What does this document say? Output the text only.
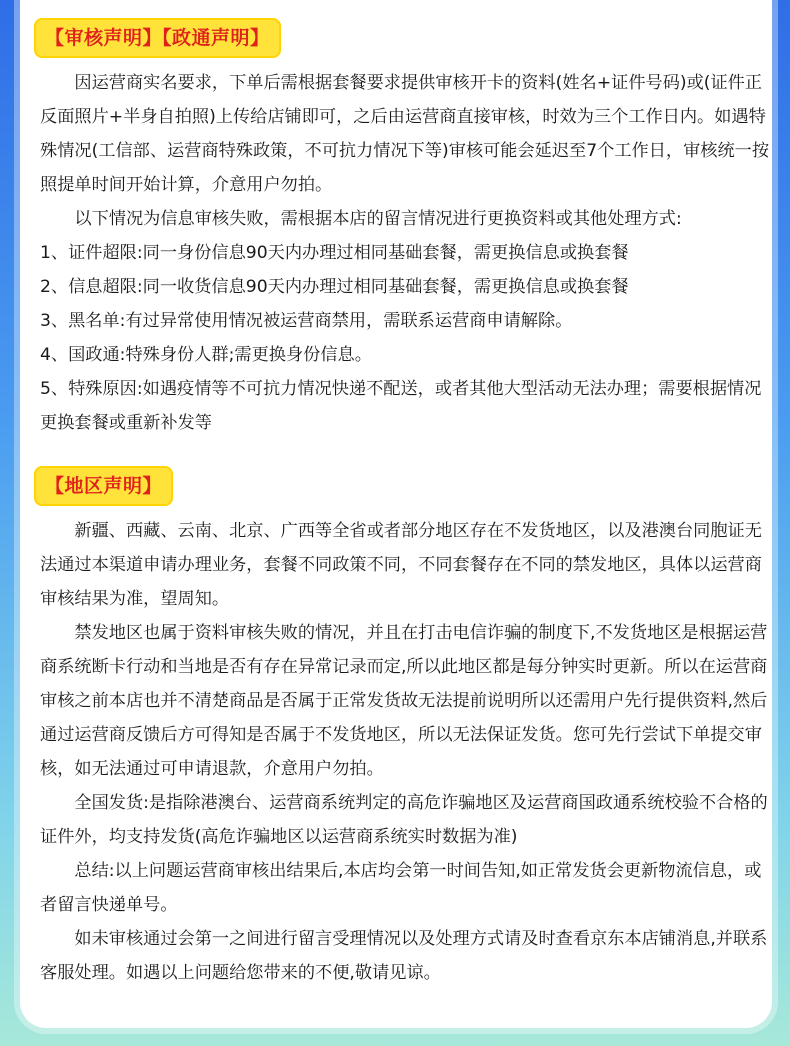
【审核声明】【政通声明】

因运营商实名要求，下单后需根据套餐要求提供审核开卡的资料(姓名+证件号码)或(证件正反面照片+半身自拍照)上传给店铺即可，之后由运营商直接审核，时效为三个工作日内。如遇特殊情况(工信部、运营商特殊政策，不可抗力情况下等)审核可能会延迟至7个工作日，审核统一按照提单时间开始计算，介意用户勿拍。

以下情况为信息审核失败，需根据本店的留言情况进行更换资料或其他处理方式:

1、证件超限:同一身份信息90天内办理过相同基础套餐，需更换信息或换套餐

2、信息超限:同一收货信息90天内办理过相同基础套餐，需更换信息或换套餐

3、黑名单:有过异常使用情况被运营商禁用，需联系运营商申请解除。

4、国政通:特殊身份人群;需更换身份信息。

5、特殊原因:如遇疫情等不可抗力情况快递不配送，或者其他大型活动无法办理；需要根据情况更换套餐或重新补发等

【地区声明】

新疆、西藏、云南、北京、广西等全省或者部分地区存在不发货地区，以及港澳台同胞证无法通过本渠道申请办理业务，套餐不同政策不同，不同套餐存在不同的禁发地区，具体以运营商审核结果为准，望周知。

禁发地区也属于资料审核失败的情况，并且在打击电信诈骗的制度下,不发货地区是根据运营商系统断卡行动和当地是否有存在异常记录而定,所以此地区都是每分钟实时更新。所以在运营商审核之前本店也并不清楚商品是否属于正常发货故无法提前说明所以还需用户先行提供资料,然后通过运营商反馈后方可得知是否属于不发货地区，所以无法保证发货。您可先行尝试下单提交审核，如无法通过可申请退款，介意用户勿拍。

全国发货:是指除港澳台、运营商系统判定的高危诈骗地区及运营商国政通系统校验不合格的证件外，均支持发货(高危诈骗地区以运营商系统实时数据为准)

总结:以上问题运营商审核出结果后,本店均会第一时间告知,如正常发货会更新物流信息，或者留言快递单号。

如未审核通过会第一之间进行留言受理情况以及处理方式请及时查看京东本店铺消息,并联系客服处理。如遇以上问题给您带来的不便,敬请见谅。
